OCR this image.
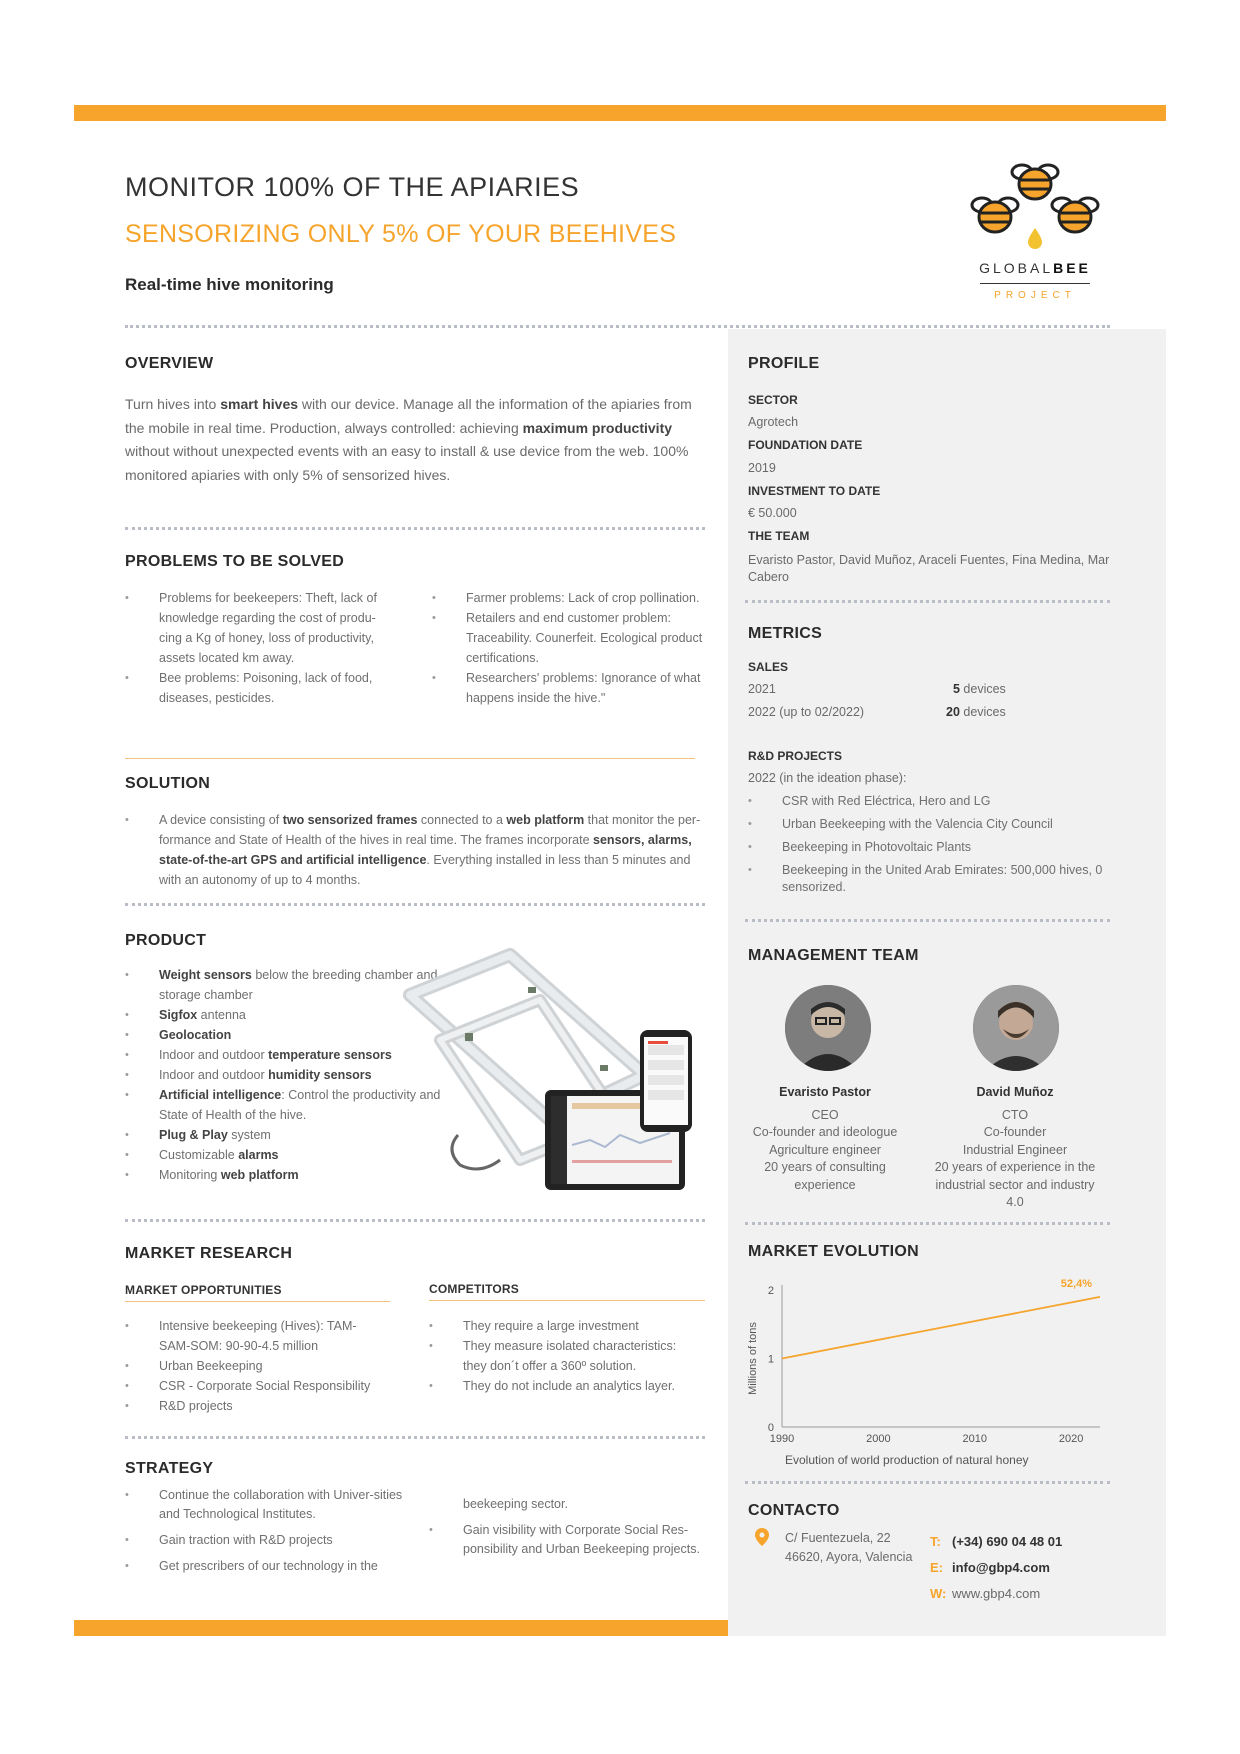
MONITOR 100% OF THE APIARIES
SENSORIZING ONLY 5% OF YOUR BEEHIVES
Real-time hive monitoring
GLOBALBEE
PROJECT
OVERVIEW
Turn hives into smart hives with our device. Manage all the information of the apiaries from the mobile in real time. Production, always controlled: achieving maximum productivity without without unexpected events with an easy to install & use device from the web. 100% monitored apiaries with only 5% of sensorized hives.
PROBLEMS TO BE SOLVED
• Problems for beekeepers: Theft, lack of knowledge regarding the cost of produ-cing a Kg of honey, loss of productivity, assets located km away.
• Bee problems: Poisoning, lack of food, diseases, pesticides.
• Farmer problems: Lack of crop pollination.
• Retailers and end customer problem: Traceability. Counerfeit. Ecological product certifications.
• Researchers' problems: Ignorance of what happens inside the hive."
SOLUTION
• A device consisting of two sensorized frames connected to a web platform that monitor the per-formance and State of Health of the hives in real time. The frames incorporate sensors, alarms, state-of-the-art GPS and artificial intelligence. Everything installed in less than 5 minutes and with an autonomy of up to 4 months.
PRODUCT
• Weight sensors below the breeding chamber and storage chamber
• Sigfox antenna
• Geolocation
• Indoor and outdoor temperature sensors
• Indoor and outdoor humidity sensors
• Artificial intelligence: Control the productivity and State of Health of the hive.
• Plug & Play system
• Customizable alarms
• Monitoring web platform
MARKET RESEARCH
MARKET OPPORTUNITIES
• Intensive beekeeping (Hives): TAM-SAM-SOM: 90-90-4.5 million
• Urban Beekeeping
• CSR - Corporate Social Responsibility
• R&D projects
COMPETITORS
• They require a large investment
• They measure isolated characteristics: they don´t offer a 360º solution.
• They do not include an analytics layer.
STRATEGY
• Continue the collaboration with Univer-sities and Technological Institutes.
• Gain traction with R&D projects
• Get prescribers of our technology in the
beekeeping sector.
• Gain visibility with Corporate Social Res-ponsibility and Urban Beekeeping projects.
PROFILE
SECTOR
Agrotech
FOUNDATION DATE
2019
INVESTMENT TO DATE
€ 50.000
THE TEAM
Evaristo Pastor, David Muñoz, Araceli Fuentes, Fina Medina, Mar Cabero
METRICS
SALES
2021	5 devices
2022 (up to 02/2022)	20 devices
R&D PROJECTS
2022 (in the ideation phase):
• CSR with Red Eléctrica, Hero and LG
• Urban Beekeeping with the Valencia City Council
• Beekeeping in Photovoltaic Plants
• Beekeeping in the United Arab Emirates: 500,000 hives, 0 sensorized.
MANAGEMENT TEAM
Evaristo Pastor
CEO
Co-founder and ideologue
Agriculture engineer
20 years of consulting experience
David Muñoz
CTO
Co-founder
Industrial Engineer
20 years of experience in the industrial sector and industry 4.0
MARKET EVOLUTION
0
1
2
1990	2000	2010	2020
52,4%
Millions of tons
Evolution of world production of natural honey
CONTACTO
C/ Fuentezuela, 22
46620, Ayora, Valencia
T: (+34) 690 04 48 01
E: info@gbp4.com
W: www.gbp4.com
